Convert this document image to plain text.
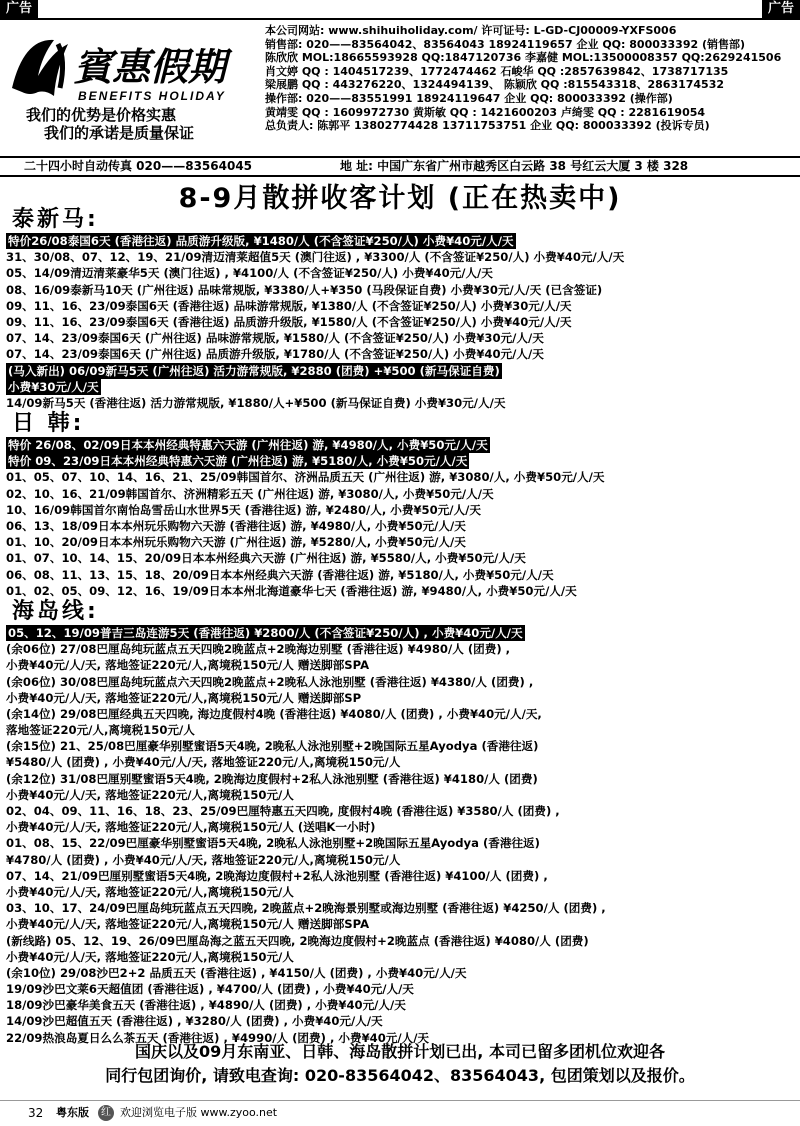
广告	广告
賓惠假期
BENEFITS HOLIDAY
我们的优势是价格实惠
我们的承诺是质量保证
本公司网站: www.shihuiholiday.com/ 许可证号: L-GD-CJ00009-YXFS006
销售部: 020——83564042、83564043 18924119657 企业 QQ: 800033392 (销售部)
陈欣欣 MOL:18665593928 QQ:1847120736 李嘉健 MOL:13500008357 QQ:2629241506
肖文婷 QQ : 1404517239、1772474462 石峻华 QQ :2857639842、1738717135
梁展鹏 QQ : 443276220、1324494139、 陈颖欣 QQ :815543318、2863174532
操作部: 020——83551991 18924119647 企业 QQ: 800033392 (操作部)
黄靖雯 QQ : 1609972730 黄斯敏 QQ : 1421600203 卢绮雯 QQ : 2281619054
总负责人: 陈郭平 13802774428 13711753751 企业 QQ: 800033392 (投诉专员)
二十四小时自动传真 020——83564045	地 址: 中国广东省广州市越秀区白云路 38 号红云大厦 3 楼 328
8-9月散拼收客计划 (正在热卖中)
泰新马:
特价26/08泰国6天 (香港往返) 品质游升级版, ¥1480/人 (不含签证¥250/人) 小费¥40元/人/天
31、30/08、07、12、19、21/09清迈清莱超值5天 (澳门往返) , ¥3300/人 (不含签证¥250/人) 小费¥40元/人/天
05、14/09清迈清莱豪华5天 (澳门往返) , ¥4100/人 (不含签证¥250/人) 小费¥40元/人/天
08、16/09泰新马10天 (广州往返) 品味常规版, ¥3380/人+¥350 (马段保证自费) 小费¥30元/人/天 (已含签证)
09、11、16、23/09泰国6天 (香港往返) 品味游常规版, ¥1380/人 (不含签证¥250/人) 小费¥30元/人/天
09、11、16、23/09泰国6天 (香港往返) 品质游升级版, ¥1580/人 (不含签证¥250/人) 小费¥40元/人/天
07、14、23/09泰国6天 (广州往返) 品味游常规版, ¥1580/人 (不含签证¥250/人) 小费¥30元/人/天
07、14、23/09泰国6天 (广州往返) 品质游升级版, ¥1780/人 (不含签证¥250/人) 小费¥40元/人/天
(马入新出) 06/09新马5天 (广州往返) 活力游常规版, ¥2880 (团费) +¥500 (新马保证自费)
小费¥30元/人/天
14/09新马5天 (香港往返) 活力游常规版, ¥1880/人+¥500 (新马保证自费) 小费¥30元/人/天
日 韩:
特价 26/08、02/09日本本州经典特惠六天游 (广州往返) 游, ¥4980/人, 小费¥50元/人/天
特价 09、23/09日本本州经典特惠六天游 (广州往返) 游, ¥5180/人, 小费¥50元/人/天
01、05、07、10、14、16、21、25/09韩国首尔、济洲品质五天 (广州往返) 游, ¥3080/人, 小费¥50元/人/天
02、10、16、21/09韩国首尔、济洲精彩五天 (广州往返) 游, ¥3080/人, 小费¥50元/人/天
10、16/09韩国首尔南怡岛雪岳山水世界5天 (香港往返) 游, ¥2480/人, 小费¥50元/人/天
06、13、18/09日本本州玩乐购物六天游 (香港往返) 游, ¥4980/人, 小费¥50元/人/天
01、10、20/09日本本州玩乐购物六天游 (广州往返) 游, ¥5280/人, 小费¥50元/人/天
01、07、10、14、15、20/09日本本州经典六天游 (广州往返) 游, ¥5580/人, 小费¥50元/人/天
06、08、11、13、15、18、20/09日本本州经典六天游 (香港往返) 游, ¥5180/人, 小费¥50元/人/天
01、02、05、09、12、16、19/09日本本州北海道豪华七天 (香港往返) 游, ¥9480/人, 小费¥50元/人/天
海岛线:
05、12、19/09普吉三岛连游5天 (香港往返) ¥2800/人 (不含签证¥250/人) , 小费¥40元/人/天
(余06位) 27/08巴厘岛纯玩蓝点五天四晚2晚蓝点+2晚海边别墅 (香港往返) ¥4980/人 (团费) ,
小费¥40元/人/天, 落地签证220元/人,离境税150元/人 赠送脚部SPA
(余06位) 30/08巴厘岛纯玩蓝点六天四晚2晚蓝点+2晚私人泳池别墅 (香港往返) ¥4380/人 (团费) ,
小费¥40元/人/天, 落地签证220元/人,离境税150元/人 赠送脚部SP
(余14位) 29/08巴厘经典五天四晚, 海边度假村4晚 (香港往返) ¥4080/人 (团费) , 小费¥40元/人/天,
落地签证220元/人,离境税150元/人
(余15位) 21、25/08巴厘豪华别墅蜜语5天4晚, 2晚私人泳池别墅+2晚国际五星Ayodya (香港往返)
¥5480/人 (团费) , 小费¥40元/人/天, 落地签证220元/人,离境税150元/人
(余12位) 31/08巴厘别墅蜜语5天4晚, 2晚海边度假村+2私人泳池别墅 (香港往返) ¥4180/人 (团费)
小费¥40元/人/天, 落地签证220元/人,离境税150元/人
02、04、09、11、16、18、23、25/09巴厘特惠五天四晚, 度假村4晚 (香港往返) ¥3580/人 (团费) ,
小费¥40元/人/天, 落地签证220元/人,离境税150元/人 (送唱K一小时)
01、08、15、22/09巴厘豪华别墅蜜语5天4晚, 2晚私人泳池别墅+2晚国际五星Ayodya (香港往返)
¥4780/人 (团费) , 小费¥40元/人/天, 落地签证220元/人,离境税150元/人
07、14、21/09巴厘别墅蜜语5天4晚, 2晚海边度假村+2私人泳池别墅 (香港往返) ¥4100/人 (团费) ,
小费¥40元/人/天, 落地签证220元/人,离境税150元/人
03、10、17、24/09巴厘岛纯玩蓝点五天四晚, 2晚蓝点+2晚海景别墅或海边别墅 (香港往返) ¥4250/人 (团费) ,
小费¥40元/人/天, 落地签证220元/人,离境税150元/人 赠送脚部SPA
(新线路) 05、12、19、26/09巴厘岛海之蓝五天四晚, 2晚海边度假村+2晚蓝点 (香港往返) ¥4080/人 (团费)
小费¥40元/人/天, 落地签证220元/人,离境税150元/人
(余10位) 29/08沙巴2+2 品质五天 (香港往返) , ¥4150/人 (团费) , 小费¥40元/人/天
19/09沙巴文莱6天超值团 (香港往返) , ¥4700/人 (团费) , 小费¥40元/人/天
18/09沙巴豪华美食五天 (香港往返) , ¥4890/人 (团费) , 小费¥40元/人/天
14/09沙巴超值五天 (香港往返) , ¥3280/人 (团费) , 小费¥40元/人/天
22/09热浪岛夏日么么茶五天 (香港往返) , ¥4990/人 (团费) , 小费¥40元/人/天
国庆以及09月东南亚、日韩、海岛散拼计划已出, 本司已留多团机位欢迎各
同行包团询价, 请致电查询: 020-83564042、83564043, 包团策划以及报价。
32 粤东版	红 欢迎浏览电子版 www.zyoo.net
